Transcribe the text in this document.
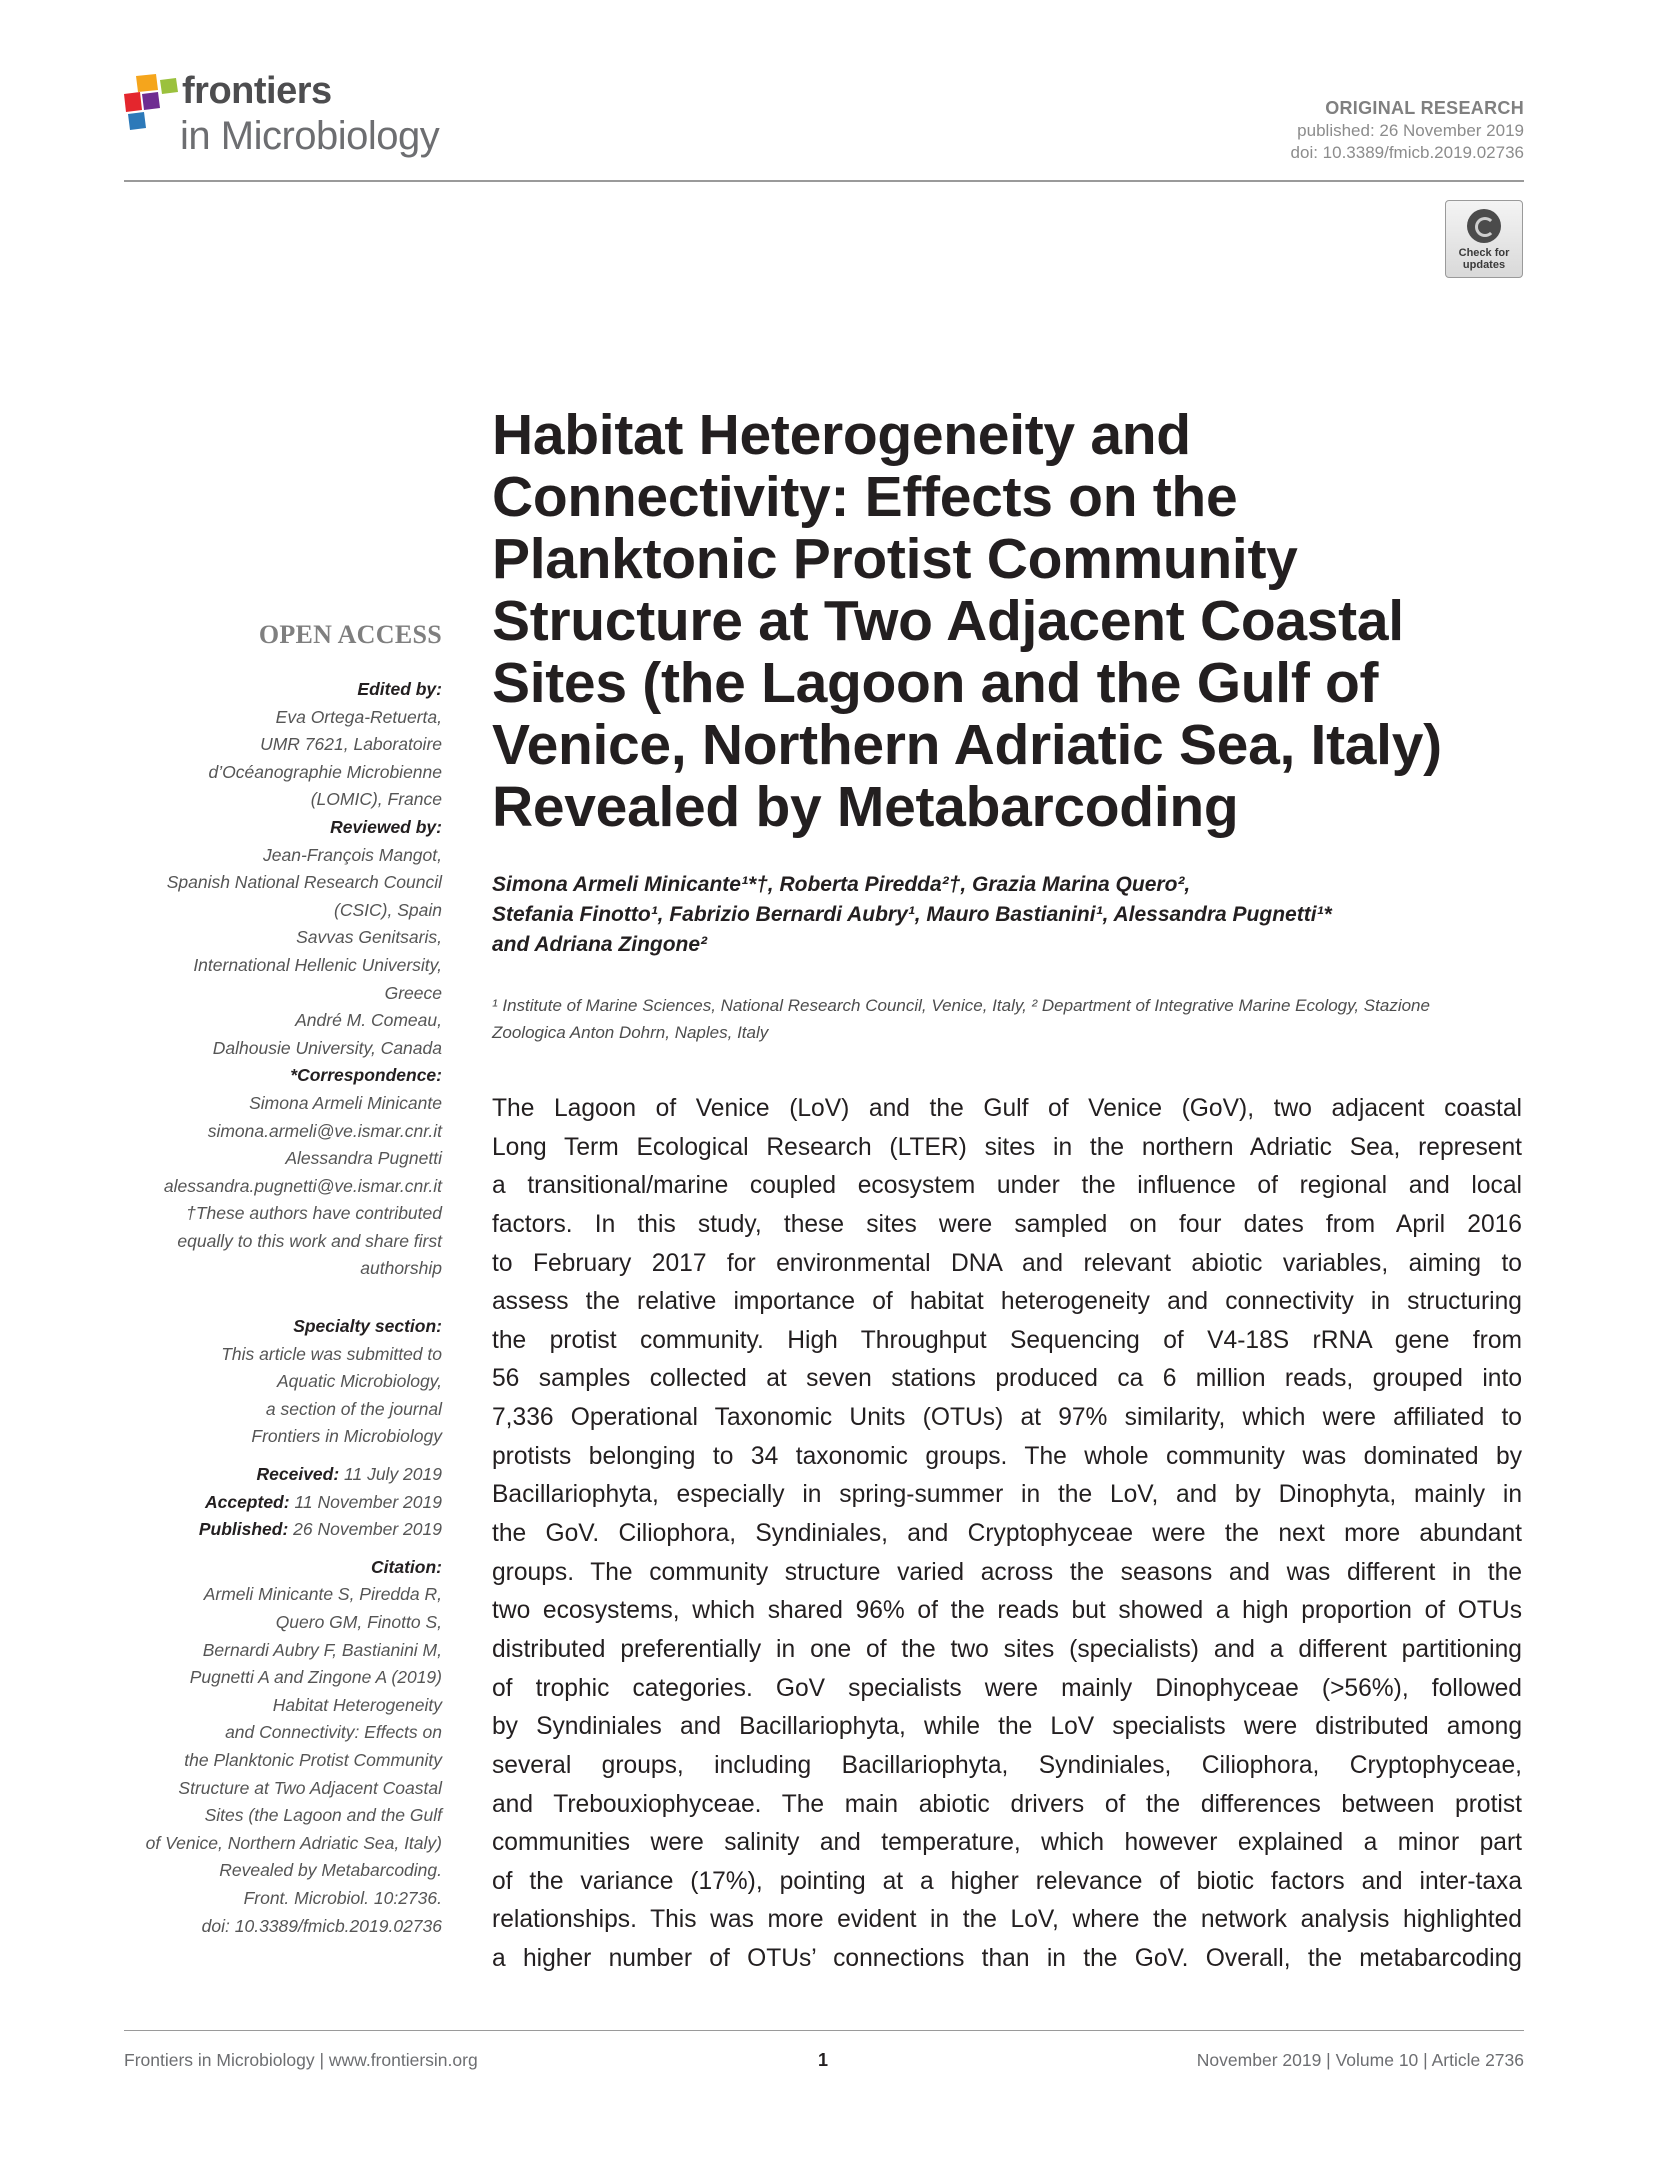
frontiers
in Microbiology
ORIGINAL RESEARCH
published: 26 November 2019
doi: 10.3389/fmicb.2019.02736
Check for updates
Habitat Heterogeneity and
Connectivity: Effects on the
Planktonic Protist Community
Structure at Two Adjacent Coastal
Sites (the Lagoon and the Gulf of
Venice, Northern Adriatic Sea, Italy)
Revealed by Metabarcoding
Simona Armeli Minicante¹*†, Roberta Piredda²†, Grazia Marina Quero²,
Stefania Finotto¹, Fabrizio Bernardi Aubry¹, Mauro Bastianini¹, Alessandra Pugnetti¹*
and Adriana Zingone²
¹ Institute of Marine Sciences, National Research Council, Venice, Italy, ² Department of Integrative Marine Ecology, Stazione
Zoologica Anton Dohrn, Naples, Italy
OPEN ACCESS
Edited by:
Eva Ortega-Retuerta,
UMR 7621, Laboratoire
d’Océanographie Microbienne
(LOMIC), France
Reviewed by:
Jean-François Mangot,
Spanish National Research Council
(CSIC), Spain
Savvas Genitsaris,
International Hellenic University,
Greece
André M. Comeau,
Dalhousie University, Canada
*Correspondence:
Simona Armeli Minicante
simona.armeli@ve.ismar.cnr.it
Alessandra Pugnetti
alessandra.pugnetti@ve.ismar.cnr.it
†These authors have contributed
equally to this work and share first
authorship
Specialty section:
This article was submitted to
Aquatic Microbiology,
a section of the journal
Frontiers in Microbiology
Received: 11 July 2019
Accepted: 11 November 2019
Published: 26 November 2019
Citation:
Armeli Minicante S, Piredda R,
Quero GM, Finotto S,
Bernardi Aubry F, Bastianini M,
Pugnetti A and Zingone A (2019)
Habitat Heterogeneity
and Connectivity: Effects on
the Planktonic Protist Community
Structure at Two Adjacent Coastal
Sites (the Lagoon and the Gulf
of Venice, Northern Adriatic Sea, Italy)
Revealed by Metabarcoding.
Front. Microbiol. 10:2736.
doi: 10.3389/fmicb.2019.02736
The Lagoon of Venice (LoV) and the Gulf of Venice (GoV), two adjacent coastal
Long Term Ecological Research (LTER) sites in the northern Adriatic Sea, represent
a transitional/marine coupled ecosystem under the influence of regional and local
factors. In this study, these sites were sampled on four dates from April 2016
to February 2017 for environmental DNA and relevant abiotic variables, aiming to
assess the relative importance of habitat heterogeneity and connectivity in structuring
the protist community. High Throughput Sequencing of V4-18S rRNA gene from
56 samples collected at seven stations produced ca 6 million reads, grouped into
7,336 Operational Taxonomic Units (OTUs) at 97% similarity, which were affiliated to
protists belonging to 34 taxonomic groups. The whole community was dominated by
Bacillariophyta, especially in spring-summer in the LoV, and by Dinophyta, mainly in
the GoV. Ciliophora, Syndiniales, and Cryptophyceae were the next more abundant
groups. The community structure varied across the seasons and was different in the
two ecosystems, which shared 96% of the reads but showed a high proportion of OTUs
distributed preferentially in one of the two sites (specialists) and a different partitioning
of trophic categories. GoV specialists were mainly Dinophyceae (>56%), followed
by Syndiniales and Bacillariophyta, while the LoV specialists were distributed among
several groups, including Bacillariophyta, Syndiniales, Ciliophora, Cryptophyceae,
and Trebouxiophyceae. The main abiotic drivers of the differences between protist
communities were salinity and temperature, which however explained a minor part
of the variance (17%), pointing at a higher relevance of biotic factors and inter-taxa
relationships. This was more evident in the LoV, where the network analysis highlighted
a higher number of OTUs’ connections than in the GoV. Overall, the metabarcoding
Frontiers in Microbiology | www.frontiersin.org	1	November 2019 | Volume 10 | Article 2736
